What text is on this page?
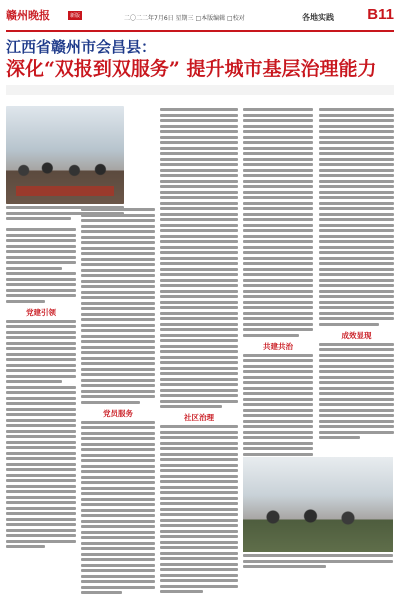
赣州晚报	新版	二〇二二年7月6日 星期三 □本版编辑 □校对	各地实践 B11
江西省赣州市会昌县：
深化“双报到双服务” 提升城市基层治理能力
党建引领
党员服务	社区治理
共建共治
成效显现
